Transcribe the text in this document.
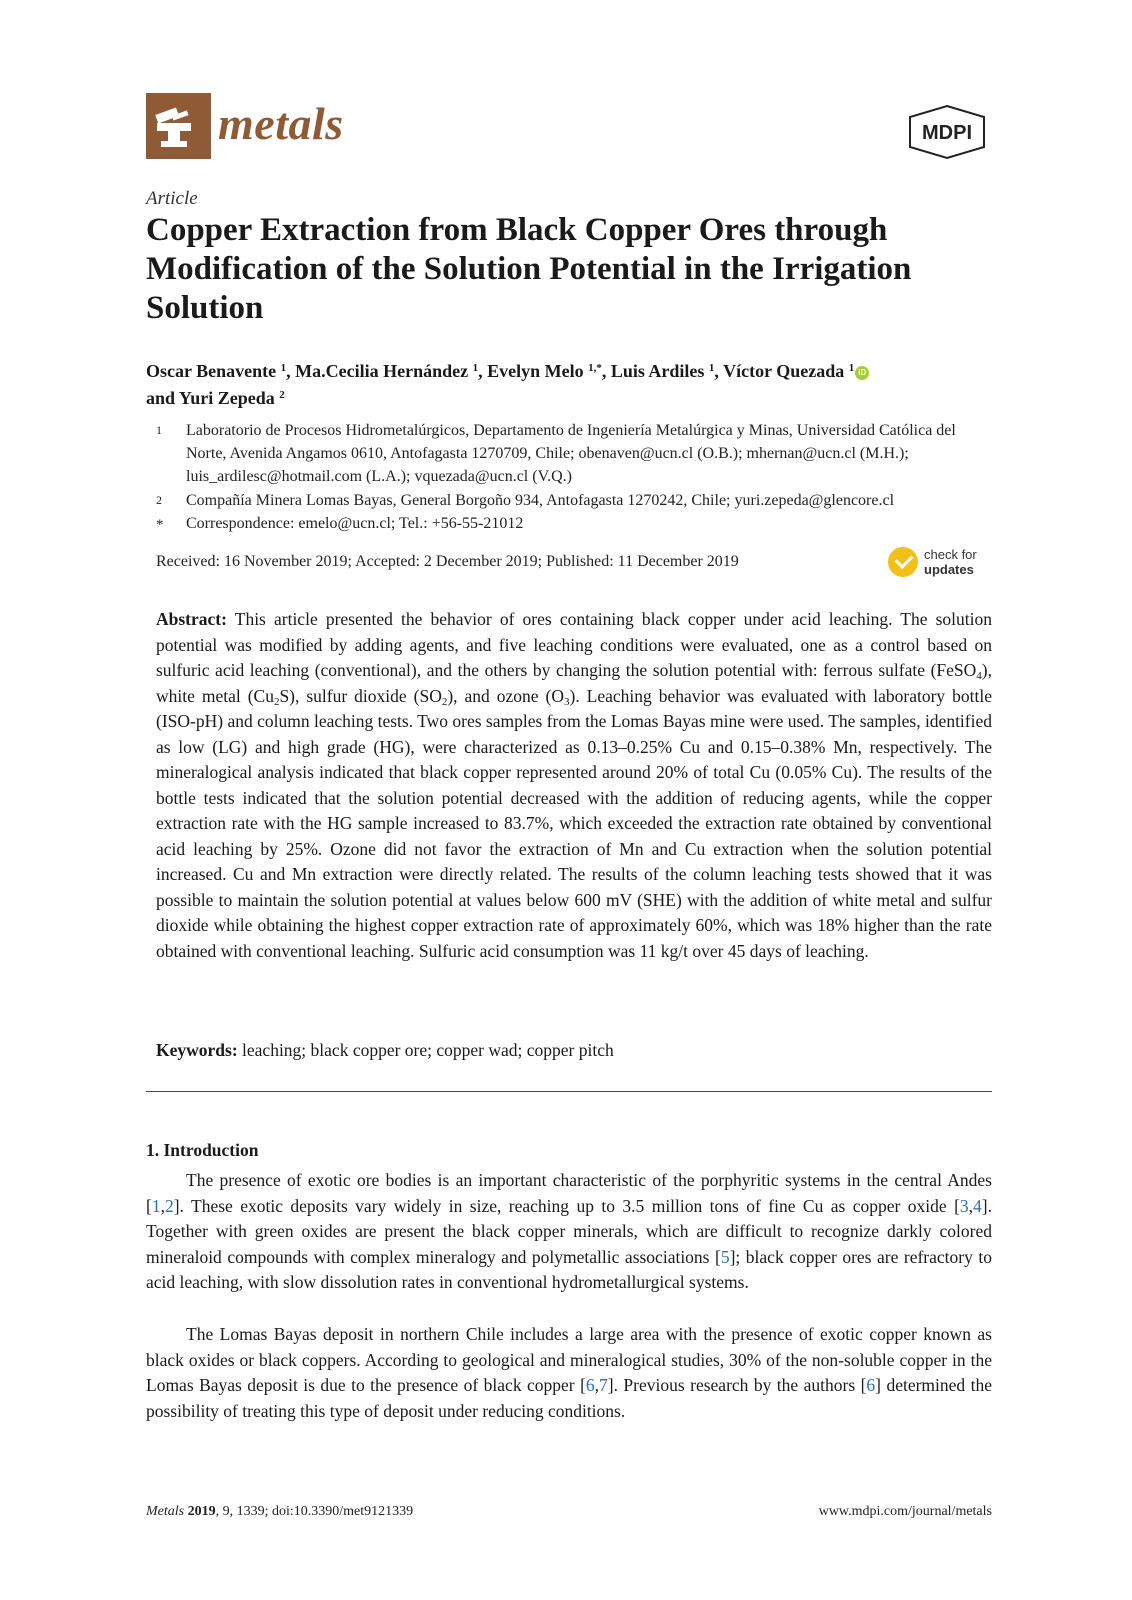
metals	MDPI
Article
Copper Extraction from Black Copper Ores through Modification of the Solution Potential in the Irrigation Solution
Oscar Benavente $^1$, Ma.Cecilia Hernández $^1$, Evelyn Melo $^{1,*}$, Luis Ardiles $^1$, Víctor Quezada $^1$ iD
and Yuri Zepeda $^2$
1 Laboratorio de Procesos Hidrometalúrgicos, Departamento de Ingeniería Metalúrgica y Minas, Universidad Católica del Norte, Avenida Angamos 0610, Antofagasta 1270709, Chile; obenaven@ucn.cl (O.B.); mhernan@ucn.cl (M.H.); luis_ardilesc@hotmail.com (L.A.); vquezada@ucn.cl (V.Q.)
2 Compañía Minera Lomas Bayas, General Borgoño 934, Antofagasta 1270242, Chile; yuri.zepeda@glencore.cl
* Correspondence: emelo@ucn.cl; Tel.: +56-55-21012
Received: 16 November 2019; Accepted: 2 December 2019; Published: 11 December 2019	check for
updates
Abstract: This article presented the behavior of ores containing black copper under acid leaching. The solution potential was modified by adding agents, and five leaching conditions were evaluated, one as a control based on sulfuric acid leaching (conventional), and the others by changing the solution potential with: ferrous sulfate (FeSO$_4$), white metal $(Cu_2S)$, sulfur dioxide $(SO_2)$, and ozone $(O_3)$. Leaching behavior was evaluated with laboratory bottle (ISO-pH) and column leaching tests. Two ores samples from the Lomas Bayas mine were used. The samples, identified as low (LG) and high grade (HG), were characterized as 0.13–0.25% Cu and 0.15–0.38% Mn, respectively. The mineralogical analysis indicated that black copper represented around 20% of total Cu (0.05% Cu). The results of the bottle tests indicated that the solution potential decreased with the addition of reducing agents, while the copper extraction rate with the HG sample increased to 83.7%, which exceeded the extraction rate obtained by conventional acid leaching by 25%. Ozone did not favor the extraction of Mn and Cu extraction when the solution potential increased. Cu and Mn extraction were directly related. The results of the column leaching tests showed that it was possible to maintain the solution potential at values below 600 mV (SHE) with the addition of white metal and sulfur dioxide while obtaining the highest copper extraction rate of approximately 60%, which was 18% higher than the rate obtained with conventional leaching. Sulfuric acid consumption was 11 kg/t over 45 days of leaching.
Keywords: leaching; black copper ore; copper wad; copper pitch
1. Introduction
The presence of exotic ore bodies is an important characteristic of the porphyritic systems in the central Andes [1,2]. These exotic deposits vary widely in size, reaching up to 3.5 million tons of fine Cu as copper oxide [3,4]. Together with green oxides are present the black copper minerals, which are difficult to recognize darkly colored mineraloid compounds with complex mineralogy and polymetallic associations [5]; black copper ores are refractory to acid leaching, with slow dissolution rates in conventional hydrometallurgical systems.
The Lomas Bayas deposit in northern Chile includes a large area with the presence of exotic copper known as black oxides or black coppers. According to geological and mineralogical studies, 30% of the non-soluble copper in the Lomas Bayas deposit is due to the presence of black copper [6,7]. Previous research by the authors [6] determined the possibility of treating this type of deposit under reducing conditions.
Metals 2019, 9, 1339; doi:10.3390/met9121339	www.mdpi.com/journal/metals
